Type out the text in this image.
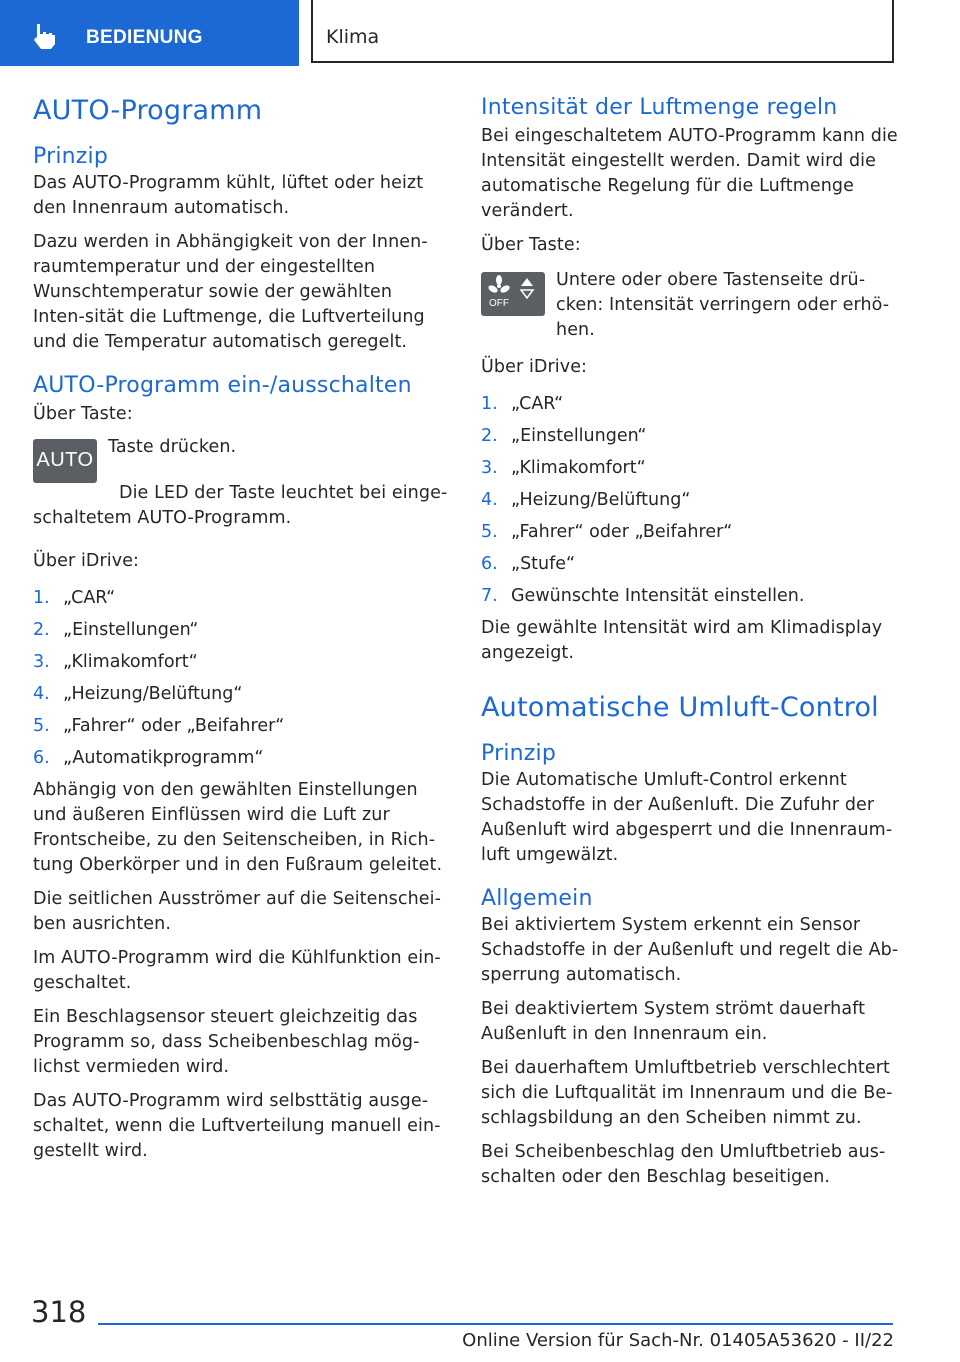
BEDIENUNG	Klima
AUTO-Programm
Prinzip

Das AUTO-Programm kühlt, lüftet oder heizt den Innenraum automatisch.

Dazu werden in Abhängigkeit von der Innen-raumtemperatur und der eingestellten Wunschtemperatur sowie der gewählten Inten-sität die Luftmenge, die Luftverteilung und die Temperatur automatisch geregelt.

AUTO-Programm ein-/ausschalten

Über Taste:

AUTO

Taste drücken.

Die LED der Taste leuchtet bei einge-

schaltetem AUTO-Programm.

Über iDrive:

1. „CAR“
2. „Einstellungen“
3. „Klimakomfort“
4. „Heizung/Belüftung“
5. „Fahrer“ oder „Beifahrer“
6. „Automatikprogramm“

Abhängig von den gewählten Einstellungen und äußeren Einflüssen wird die Luft zur Frontscheibe, zu den Seitenscheiben, in Rich-tung Oberkörper und in den Fußraum geleitet.

Die seitlichen Ausströmer auf die Seitenschei-ben ausrichten.

Im AUTO-Programm wird die Kühlfunktion ein-geschaltet.

Ein Beschlagsensor steuert gleichzeitig das Programm so, dass Scheibenbeschlag mög-lichst vermieden wird.

Das AUTO-Programm wird selbsttätig ausge-schaltet, wenn die Luftverteilung manuell ein-gestellt wird.

Intensität der Luftmenge regeln

Bei eingeschaltetem AUTO-Programm kann die Intensität eingestellt werden. Damit wird die automatische Regelung für die Luftmenge verändert.

Über Taste:

OFF

Untere oder obere Tastenseite drü-cken: Intensität verringern oder erhö-hen.

Über iDrive:

1. „CAR“
2. „Einstellungen“
3. „Klimakomfort“
4. „Heizung/Belüftung“
5. „Fahrer“ oder „Beifahrer“
6. „Stufe“
7. Gewünschte Intensität einstellen.

Die gewählte Intensität wird am Klimadisplay angezeigt.

Automatische Umluft-Control
Prinzip

Die Automatische Umluft-Control erkennt Schadstoffe in der Außenluft. Die Zufuhr der Außenluft wird abgesperrt und die Innenraum-luft umgewälzt.

Allgemein

Bei aktiviertem System erkennt ein Sensor Schadstoffe in der Außenluft und regelt die Ab-sperrung automatisch.

Bei deaktiviertem System strömt dauerhaft Außenluft in den Innenraum ein.

Bei dauerhaftem Umluftbetrieb verschlechtert sich die Luftqualität im Innenraum und die Be-schlagsbildung an den Scheiben nimmt zu.

Bei Scheibenbeschlag den Umluftbetrieb aus-schalten oder den Beschlag beseitigen.

318
Online Version für Sach-Nr. 01405A53620 - II/22
